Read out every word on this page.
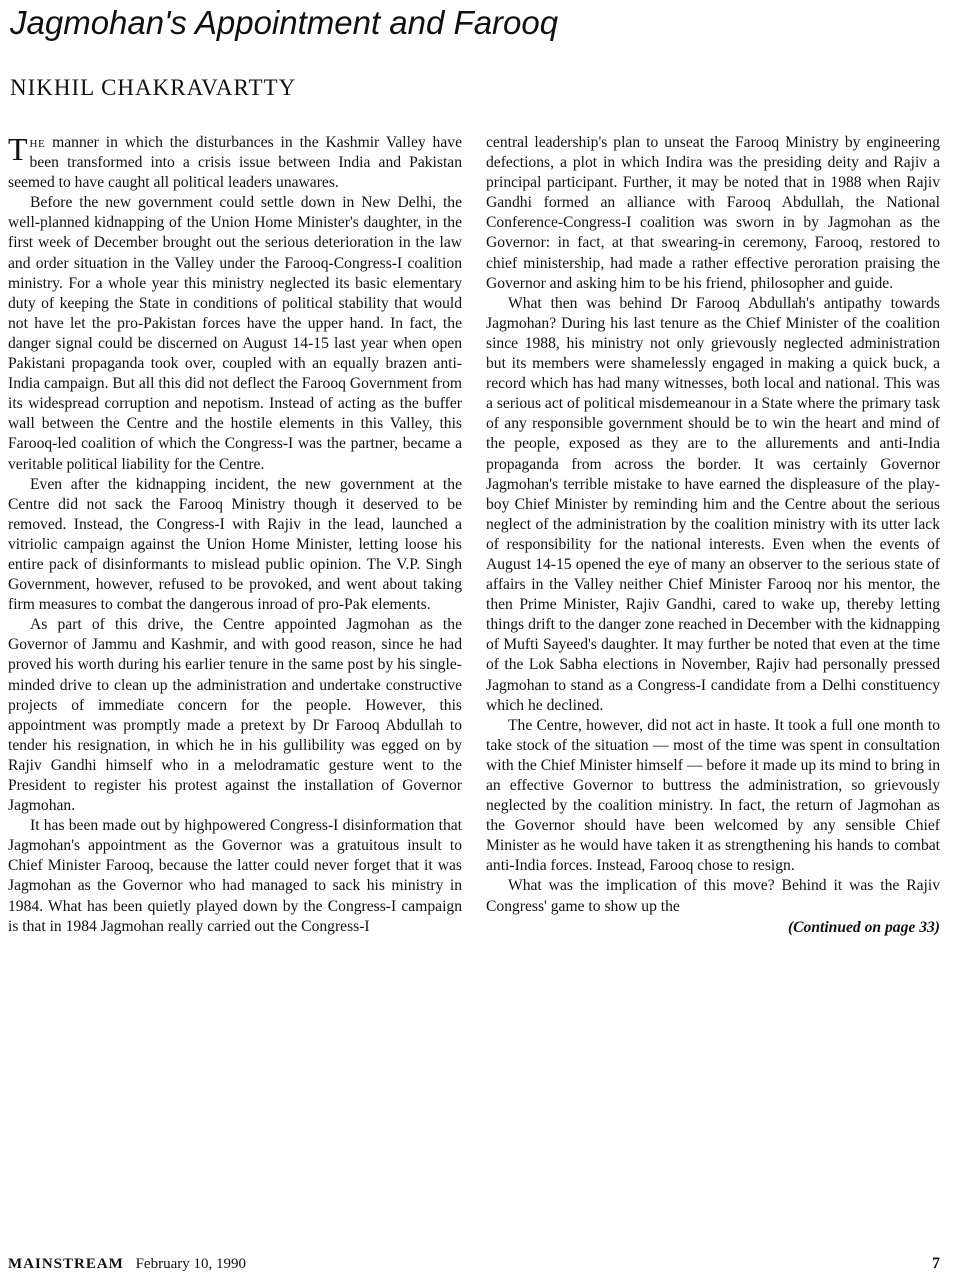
Jagmohan's Appointment and Farooq
NIKHIL CHAKRAVARTTY

The manner in which the disturbances in the Kashmir Valley have been transformed into a crisis issue between India and Pakistan seemed to have caught all political leaders unawares.

Before the new government could settle down in New Delhi, the well-planned kidnapping of the Union Home Minister's daughter, in the first week of December brought out the serious deterioration in the law and order situation in the Valley under the Farooq-Congress-I coalition ministry. For a whole year this ministry neglected its basic elementary duty of keeping the State in conditions of political stability that would not have let the pro-Pakistan forces have the upper hand. In fact, the danger signal could be discerned on August 14-15 last year when open Pakistani propaganda took over, coupled with an equally brazen anti-India campaign. But all this did not deflect the Farooq Government from its widespread corruption and nepotism. Instead of acting as the buffer wall between the Centre and the hostile elements in this Valley, this Farooq-led coalition of which the Congress-I was the partner, became a veritable political liability for the Centre.

Even after the kidnapping incident, the new government at the Centre did not sack the Farooq Ministry though it deserved to be removed. Instead, the Congress-I with Rajiv in the lead, launched a vitriolic campaign against the Union Home Minister, letting loose his entire pack of disinformants to mislead public opinion. The V.P. Singh Government, however, refused to be provoked, and went about taking firm measures to combat the dangerous inroad of pro-Pak elements.

As part of this drive, the Centre appointed Jagmohan as the Governor of Jammu and Kashmir, and with good reason, since he had proved his worth during his earlier tenure in the same post by his single-minded drive to clean up the administration and undertake constructive projects of immediate concern for the people. However, this appointment was promptly made a pretext by Dr Farooq Abdullah to tender his resignation, in which he in his gullibility was egged on by Rajiv Gandhi himself who in a melodramatic gesture went to the President to register his protest against the installation of Governor Jagmohan.

It has been made out by highpowered Congress-I disinformation that Jagmohan's appointment as the Governor was a gratuitous insult to Chief Minister Farooq, because the latter could never forget that it was Jagmohan as the Governor who had managed to sack his ministry in 1984. What has been quietly played down by the Congress-I campaign is that in 1984 Jagmohan really carried out the Congress-I

central leadership's plan to unseat the Farooq Ministry by engineering defections, a plot in which Indira was the presiding deity and Rajiv a principal participant. Further, it may be noted that in 1988 when Rajiv Gandhi formed an alliance with Farooq Abdullah, the National Conference-Congress-I coalition was sworn in by Jagmohan as the Governor: in fact, at that swearing-in ceremony, Farooq, restored to chief ministership, had made a rather effective peroration praising the Governor and asking him to be his friend, philosopher and guide.

What then was behind Dr Farooq Abdullah's antipathy towards Jagmohan? During his last tenure as the Chief Minister of the coalition since 1988, his ministry not only grievously neglected administration but its members were shamelessly engaged in making a quick buck, a record which has had many witnesses, both local and national. This was a serious act of political misdemeanour in a State where the primary task of any responsible government should be to win the heart and mind of the people, exposed as they are to the allurements and anti-India propaganda from across the border. It was certainly Governor Jagmohan's terrible mistake to have earned the displeasure of the play-boy Chief Minister by reminding him and the Centre about the serious neglect of the administration by the coalition ministry with its utter lack of responsibility for the national interests. Even when the events of August 14-15 opened the eye of many an observer to the serious state of affairs in the Valley neither Chief Minister Farooq nor his mentor, the then Prime Minister, Rajiv Gandhi, cared to wake up, thereby letting things drift to the danger zone reached in December with the kidnapping of Mufti Sayeed's daughter. It may further be noted that even at the time of the Lok Sabha elections in November, Rajiv had personally pressed Jagmohan to stand as a Congress-I candidate from a Delhi constituency which he declined.

The Centre, however, did not act in haste. It took a full one month to take stock of the situation — most of the time was spent in consultation with the Chief Minister himself — before it made up its mind to bring in an effective Governor to buttress the administration, so grievously neglected by the coalition ministry. In fact, the return of Jagmohan as the Governor should have been welcomed by any sensible Chief Minister as he would have taken it as strengthening his hands to combat anti-India forces. Instead, Farooq chose to resign.

What was the implication of this move? Behind it was the Rajiv Congress' game to show up the

(Continued on page 33)
MAINSTREAM February 10, 1990	7
